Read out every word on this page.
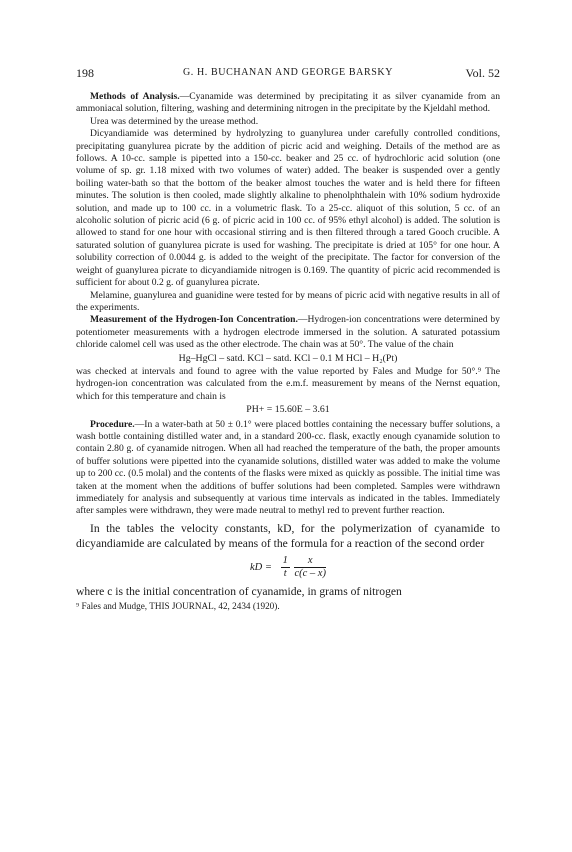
198	G. H. BUCHANAN AND GEORGE BARSKY	Vol. 52

Methods of Analysis.—Cyanamide was determined by precipitating it as silver cyanamide from an ammoniacal solution, filtering, washing and determining nitrogen in the precipitate by the Kjeldahl method.

Urea was determined by the urease method.

Dicyandiamide was determined by hydrolyzing to guanylurea under carefully controlled conditions, precipitating guanylurea picrate by the addition of picric acid and weighing. Details of the method are as follows. A 10-cc. sample is pipetted into a 150-cc. beaker and 25 cc. of hydrochloric acid solution (one volume of sp. gr. 1.18 mixed with two volumes of water) added. The beaker is suspended over a gently boiling water-bath so that the bottom of the beaker almost touches the water and is held there for fifteen minutes. The solution is then cooled, made slightly alkaline to phenolphthalein with 10% sodium hydroxide solution, and made up to 100 cc. in a volumetric flask. To a 25-cc. aliquot of this solution, 5 cc. of an alcoholic solution of picric acid (6 g. of picric acid in 100 cc. of 95% ethyl alcohol) is added. The solution is allowed to stand for one hour with occasional stirring and is then filtered through a tared Gooch crucible. A saturated solution of guanylurea picrate is used for washing. The precipitate is dried at 105° for one hour. A solubility correction of 0.0044 g. is added to the weight of the precipitate. The factor for conversion of the weight of guanylurea picrate to dicyandiamide nitrogen is 0.169. The quantity of picric acid recommended is sufficient for about 0.2 g. of guanylurea picrate.

Melamine, guanylurea and guanidine were tested for by means of picric acid with negative results in all of the experiments.

Measurement of the Hydrogen-Ion Concentration.—Hydrogen-ion concentrations were determined by potentiometer measurements with a hydrogen electrode immersed in the solution. A saturated potassium chloride calomel cell was used as the other electrode. The chain was at 50°. The value of the chain

Hg–HgCl – satd. KCl – satd. KCl – 0.1 M HCl – H₂(Pt)

was checked at intervals and found to agree with the value reported by Fales and Mudge for 50°.⁹ The hydrogen-ion concentration was calculated from the e.m.f. measurement by means of the Nernst equation, which for this temperature and chain is

PH+ = 15.60E – 3.61

Procedure.—In a water-bath at 50 ± 0.1° were placed bottles containing the necessary buffer solutions, a wash bottle containing distilled water and, in a standard 200-cc. flask, exactly enough cyanamide solution to contain 2.80 g. of cyanamide nitrogen. When all had reached the temperature of the bath, the proper amounts of buffer solutions were pipetted into the cyanamide solutions, distilled water was added to make the volume up to 200 cc. (0.5 molal) and the contents of the flasks were mixed as quickly as possible. The initial time was taken at the moment when the additions of buffer solutions had been completed. Samples were withdrawn immediately for analysis and subsequently at various time intervals as indicated in the tables. Immediately after samples were withdrawn, they were made neutral to methyl red to prevent further reaction.

In the tables the velocity constants, kD, for the polymerization of cyanamide to dicyandiamide are calculated by means of the formula for a reaction of the second order

kD = $\frac{1}{t}$
$\frac{x}{c(c - x)}$

where c is the initial concentration of cyanamide, in grams of nitrogen

⁹ Fales and Mudge, THIS JOURNAL, 42, 2434 (1920).
